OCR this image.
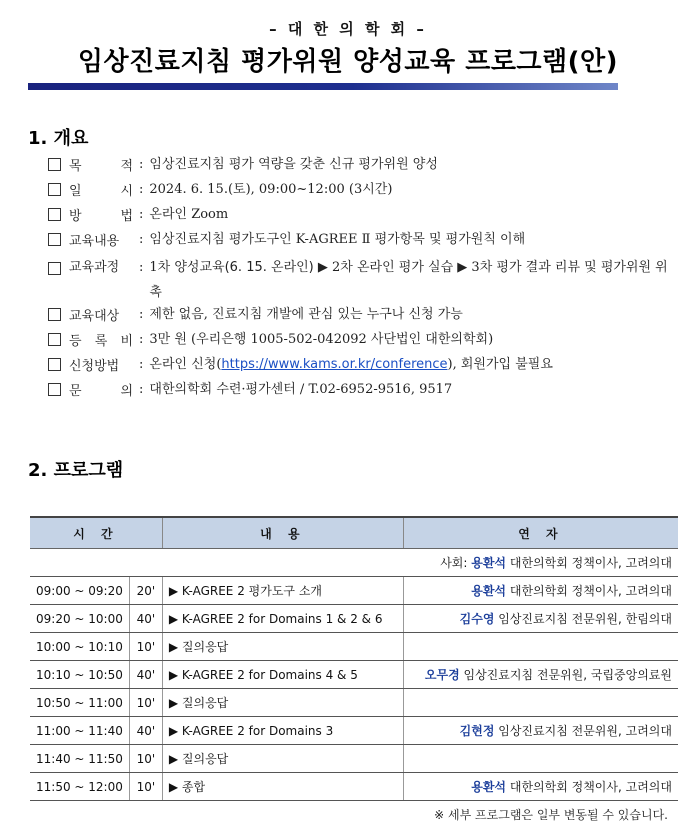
– 대 한 의 학 회 –
임상진료지침 평가위원 양성교육 프로그램(안)
1. 개요
목	적 : 임상진료지침 평가 역량을 갖춘 신규 평가위원 양성
일	시 : 2024. 6. 15.(토), 09:00~12:00 (3시간)
방	법 : 온라인 Zoom
교육내용 : 임상진료지침 평가도구인 K-AGREE Ⅱ 평가항목 및 평가원칙 이해
교육과정 : 1차 양성교육(6. 15. 온라인) ▶ 2차 온라인 평가 실습 ▶ 3차 평가 결과 리뷰 및 평가위원 위촉
교육대상 : 제한 없음, 진료지침 개발에 관심 있는 누구나 신청 가능
등 록 비 : 3만 원 (우리은행 1005-502-042092 사단법인 대한의학회)
신청방법 : 온라인 신청(https://www.kams.or.kr/conference), 회원가입 불필요
문	의 : 대한의학회 수련·평가센터 / T.02-6952-9516, 9517
2. 프로그램
시 간		내 용	연 자
사회: 용환석 대한의학회 정책이사, 고려의대			
09:00 ~ 09:20	20'	▶ K-AGREE 2 평가도구 소개	용환석 대한의학회 정책이사, 고려의대
09:20 ~ 10:00	40'	▶ K-AGREE 2 for Domains 1 & 2 & 6	김수영 임상진료지침 전문위원, 한림의대
10:00 ~ 10:10	10'	▶ 질의응답	
10:10 ~ 10:50	40'	▶ K-AGREE 2 for Domains 4 & 5	오무경 임상진료지침 전문위원, 국립중앙의료원
10:50 ~ 11:00	10'	▶ 질의응답	
11:00 ~ 11:40	40'	▶ K-AGREE 2 for Domains 3	김현정 임상진료지침 전문위원, 고려의대
11:40 ~ 11:50	10'	▶ 질의응답	
11:50 ~ 12:00	10'	▶ 종합	용환석 대한의학회 정책이사, 고려의대
※ 세부 프로그램은 일부 변동될 수 있습니다.
